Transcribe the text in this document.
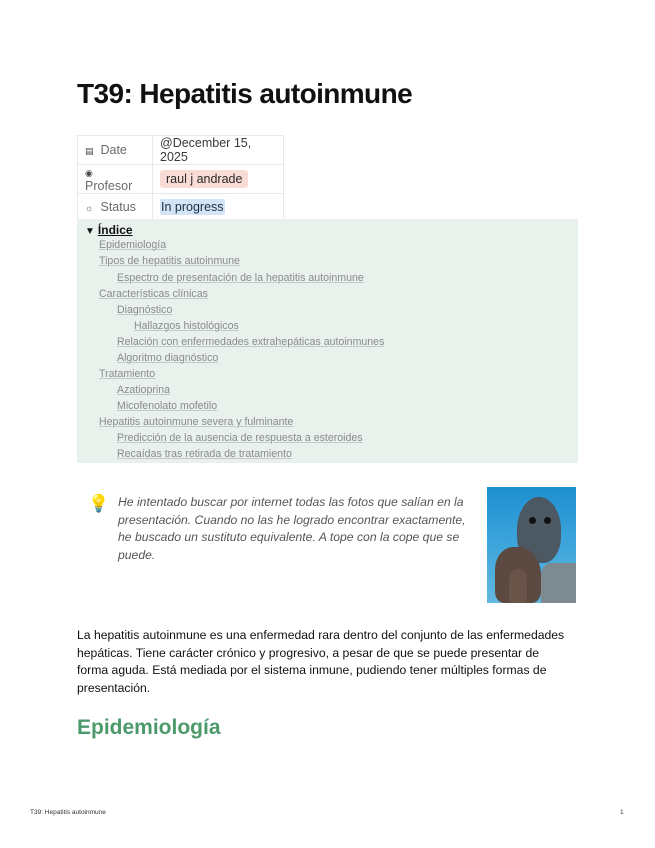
T39: Hepatitis autoinmune
▤ Date	@December 15, 2025
◉ Profesor	raul j andrade
☼ Status	In progress
▼ Índice
Epidemiología
Tipos de hepatitis autoinmune
Espectro de presentación de la hepatitis autoinmune
Características clínicas
Diagnóstico
Hallazgos histológicos
Relación con enfermedades extrahepáticas autoinmunes
Algoritmo diagnóstico
Tratamiento
Azatioprina
Micofenolato mofetilo
Hepatitis autoinmune severa y fulminante
Predicción de la ausencia de respuesta a esteroides
Recaídas tras retirada de tratamiento
💡 He intentado buscar por internet todas las fotos que salían en la
presentación. Cuando no las he logrado encontrar exactamente,
he buscado un sustituto equivalente. A tope con la cope que se
puede.
La hepatitis autoinmune es una enfermedad rara dentro del conjunto de las enfermedades
hepáticas. Tiene carácter crónico y progresivo, a pesar de que se puede presentar de
forma aguda. Está mediada por el sistema inmune, pudiendo tener múltiples formas de
presentación.
Epidemiología
T39: Hepatitis autoinmune	1
